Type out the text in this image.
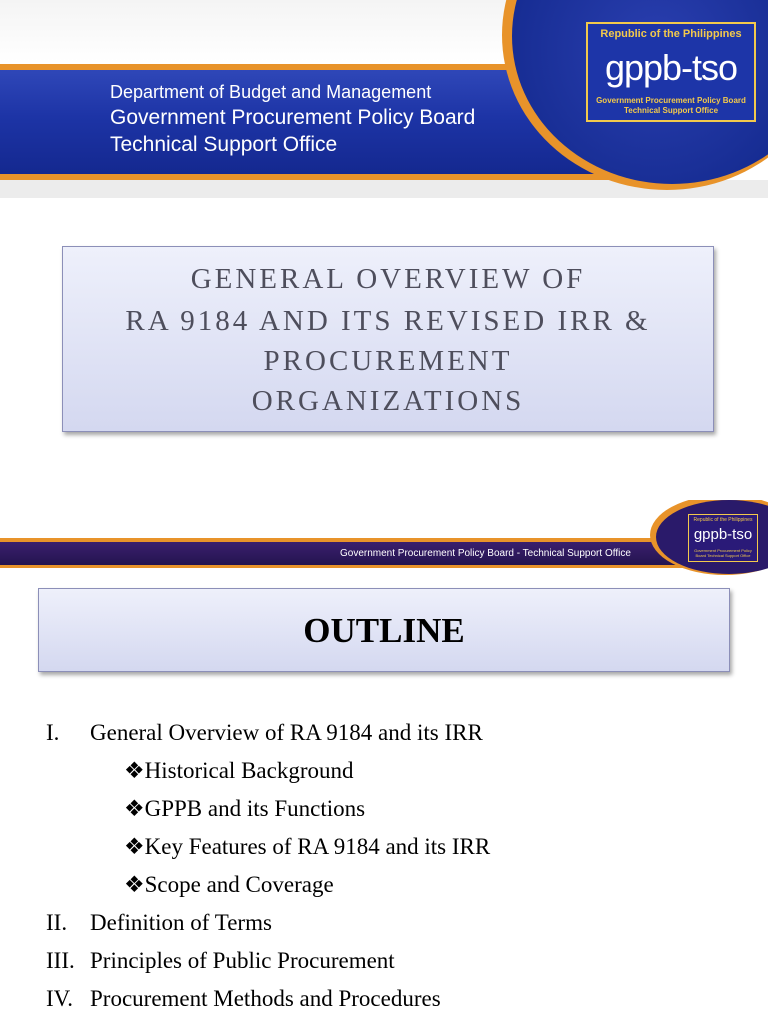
Department of Budget and Management
Government Procurement Policy Board
Technical Support Office
Republic of the Philippines
gppb-tso
Government Procurement Policy Board
Technical Support Office
GENERAL OVERVIEW OF
RA 9184 AND ITS REVISED IRR &
PROCUREMENT
ORGANIZATIONS
Government Procurement Policy Board - Technical Support Office
Republic of the Philippines
gppb-tso
Government Procurement Policy Board Technical Support Office
OUTLINE
I.	General Overview of RA 9184 and its IRR
❖Historical Background
❖GPPB and its Functions
❖Key Features of RA 9184 and its IRR
❖Scope and Coverage
II. Definition of Terms
III. Principles of Public Procurement
IV. Procurement Methods and Procedures
